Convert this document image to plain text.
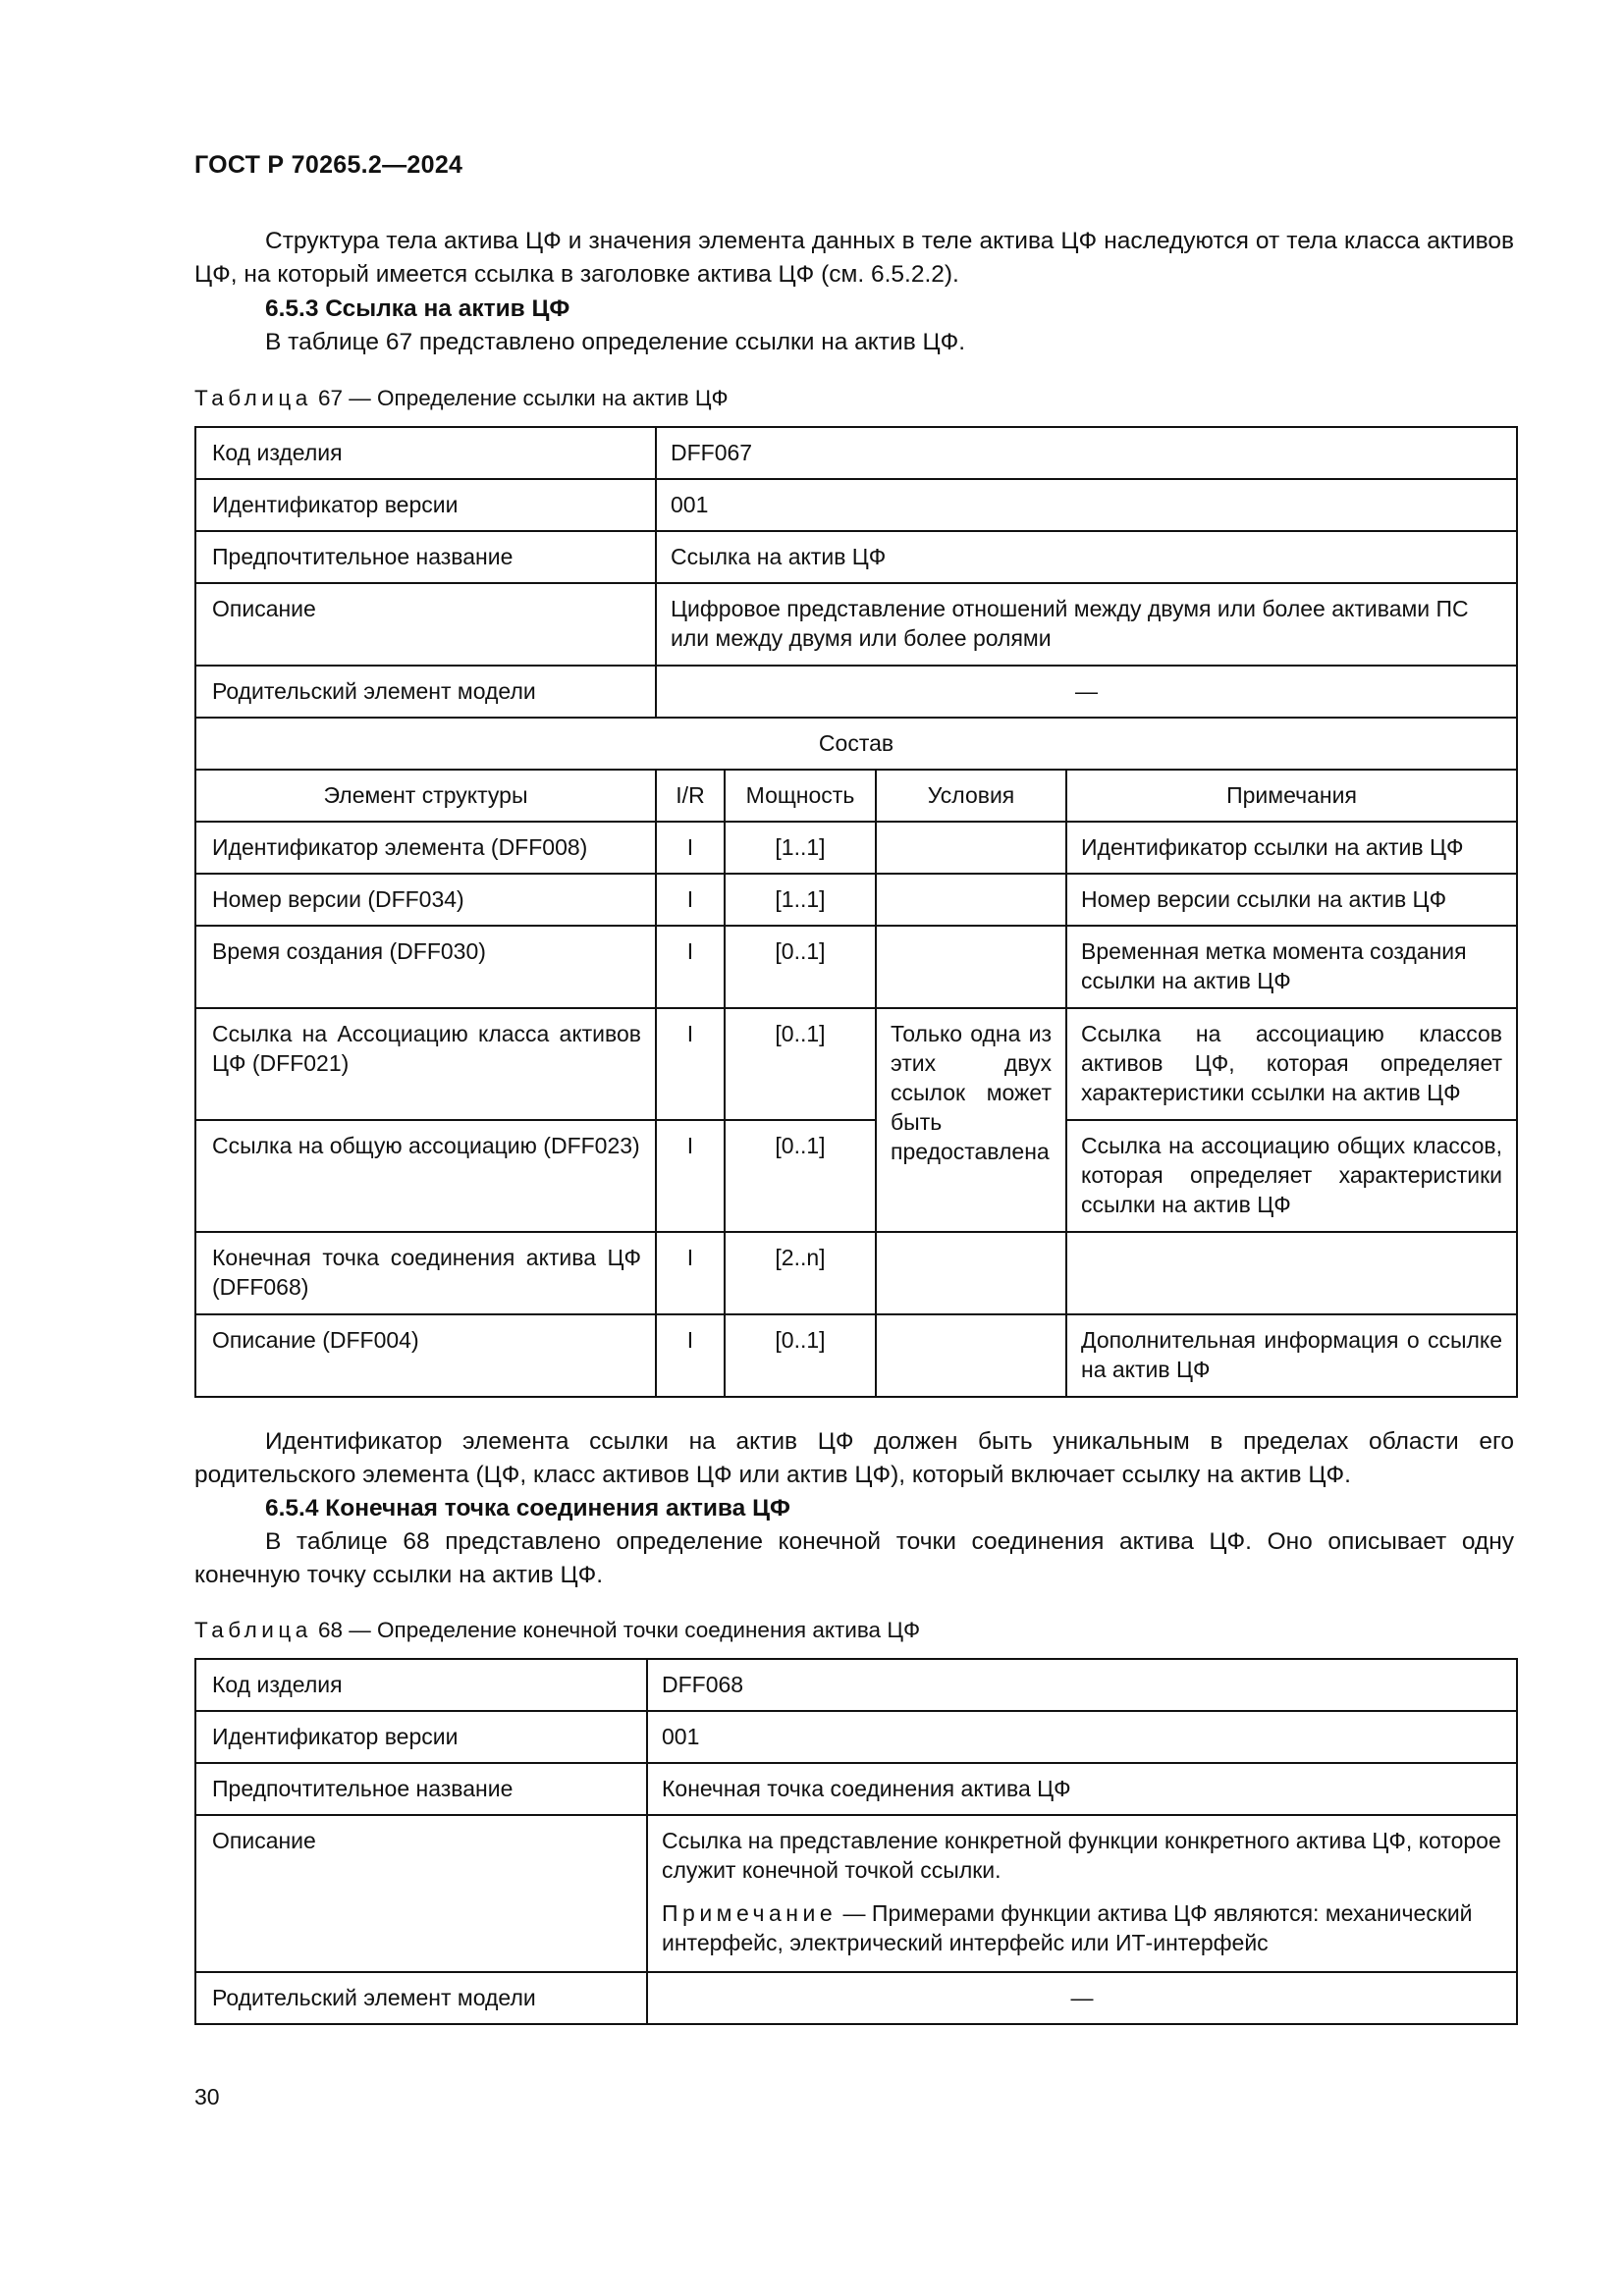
ГОСТ Р 70265.2—2024
Структура тела актива ЦФ и значения элемента данных в теле актива ЦФ наследуются от тела класса активов ЦФ, на который имеется ссылка в заголовке актива ЦФ (см. 6.5.2.2).
6.5.3 Ссылка на актив ЦФ
В таблице 67 представлено определение ссылки на актив ЦФ.
Таблица 67 — Определение ссылки на актив ЦФ
Код изделия	DFF067			
Идентификатор версии	001			
Предпочтительное название	Ссылка на актив ЦФ			
Описание	Цифровое представление отношений между двумя или более активами ПС или между двумя или более ролями			
Родительский элемент модели	—			
Состав				
Элемент структуры	I/R	Мощность	Условия	Примечания
Идентификатор элемента (DFF008)	I	[1..1]		Идентификатор ссылки на актив ЦФ
Номер версии (DFF034)	I	[1..1]		Номер версии ссылки на актив ЦФ
Время создания (DFF030)	I	[0..1]		Временная метка момента создания ссылки на актив ЦФ
Ссылка на Ассоциацию класса активов ЦФ (DFF021)	I	[0..1]	Только одна из этих двух ссылок может быть предоставлена	Ссылка на ассоциацию классов активов ЦФ, которая определяет характеристики ссылки на актив ЦФ
Ссылка на общую ассоциацию (DFF023)	I	[0..1]		Ссылка на ассоциацию общих классов, которая определяет характеристики ссылки на актив ЦФ
Конечная точка соединения актива ЦФ (DFF068)	I	[2..n]		
Описание (DFF004)	I	[0..1]		Дополнительная информация о ссылке на актив ЦФ
Идентификатор элемента ссылки на актив ЦФ должен быть уникальным в пределах области его родительского элемента (ЦФ, класс активов ЦФ или актив ЦФ), который включает ссылку на актив ЦФ.
6.5.4 Конечная точка соединения актива ЦФ
В таблице 68 представлено определение конечной точки соединения актива ЦФ. Оно описывает одну конечную точку ссылки на актив ЦФ.
Таблица 68 — Определение конечной точки соединения актива ЦФ
Код изделия	DFF068
Идентификатор версии	001
Предпочтительное название	Конечная точка соединения актива ЦФ
Описание	Ссылка на представление конкретной функции конкретного актива ЦФ, которое служит конечной точкой ссылки.
Примечание — Примерами функции актива ЦФ являются: механический интерфейс, электрический интерфейс или ИТ-интерфейс

Родительский элемент модели	—
30
